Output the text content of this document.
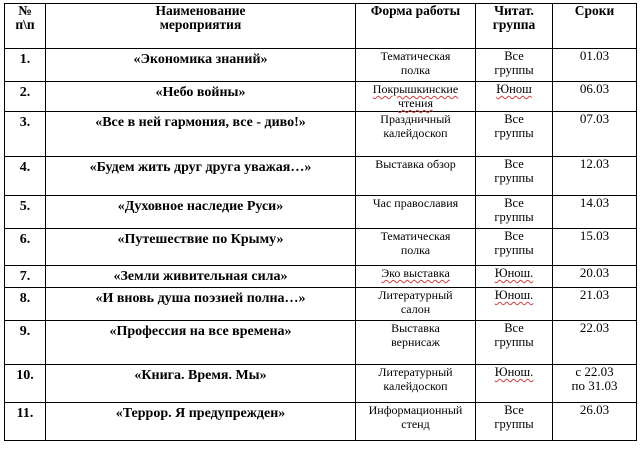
№
п\п	Наименование
мероприятия	Форма работы	Читат.
группа	Сроки

1.	«Экономика знаний»	Тематическая
полка	Все
группы	01.03

2.	«Небо войны»	Покрышкинские
чтения	Юнош	06.03

3.	«Все в ней гармония, все - диво!»	Праздничный
калейдоскоп	Все
группы	07.03

4.	«Будем жить друг друга уважая…»	Выставка обзор	Все
группы	12.03

5.	«Духовное наследие Руси»	Час православия	Все
группы	14.03

6.	«Путешествие по Крыму»	Тематическая
полка	Все
группы	15.03

7.	«Земли живительная сила»	Эко выставка	Юнош.	20.03

8.	«И вновь душа поэзией полна…»	Литературный
салон	Юнош.	21.03

9.	«Профессия на все времена»	Выставка
вернисаж	Все
группы	22.03

10.	«Книга. Время. Мы»	Литературный
калейдоскоп	Юнош.	с 22.03
по 31.03

11.	«Террор. Я предупрежден»	Информационный
стенд	Все
группы	26.03
